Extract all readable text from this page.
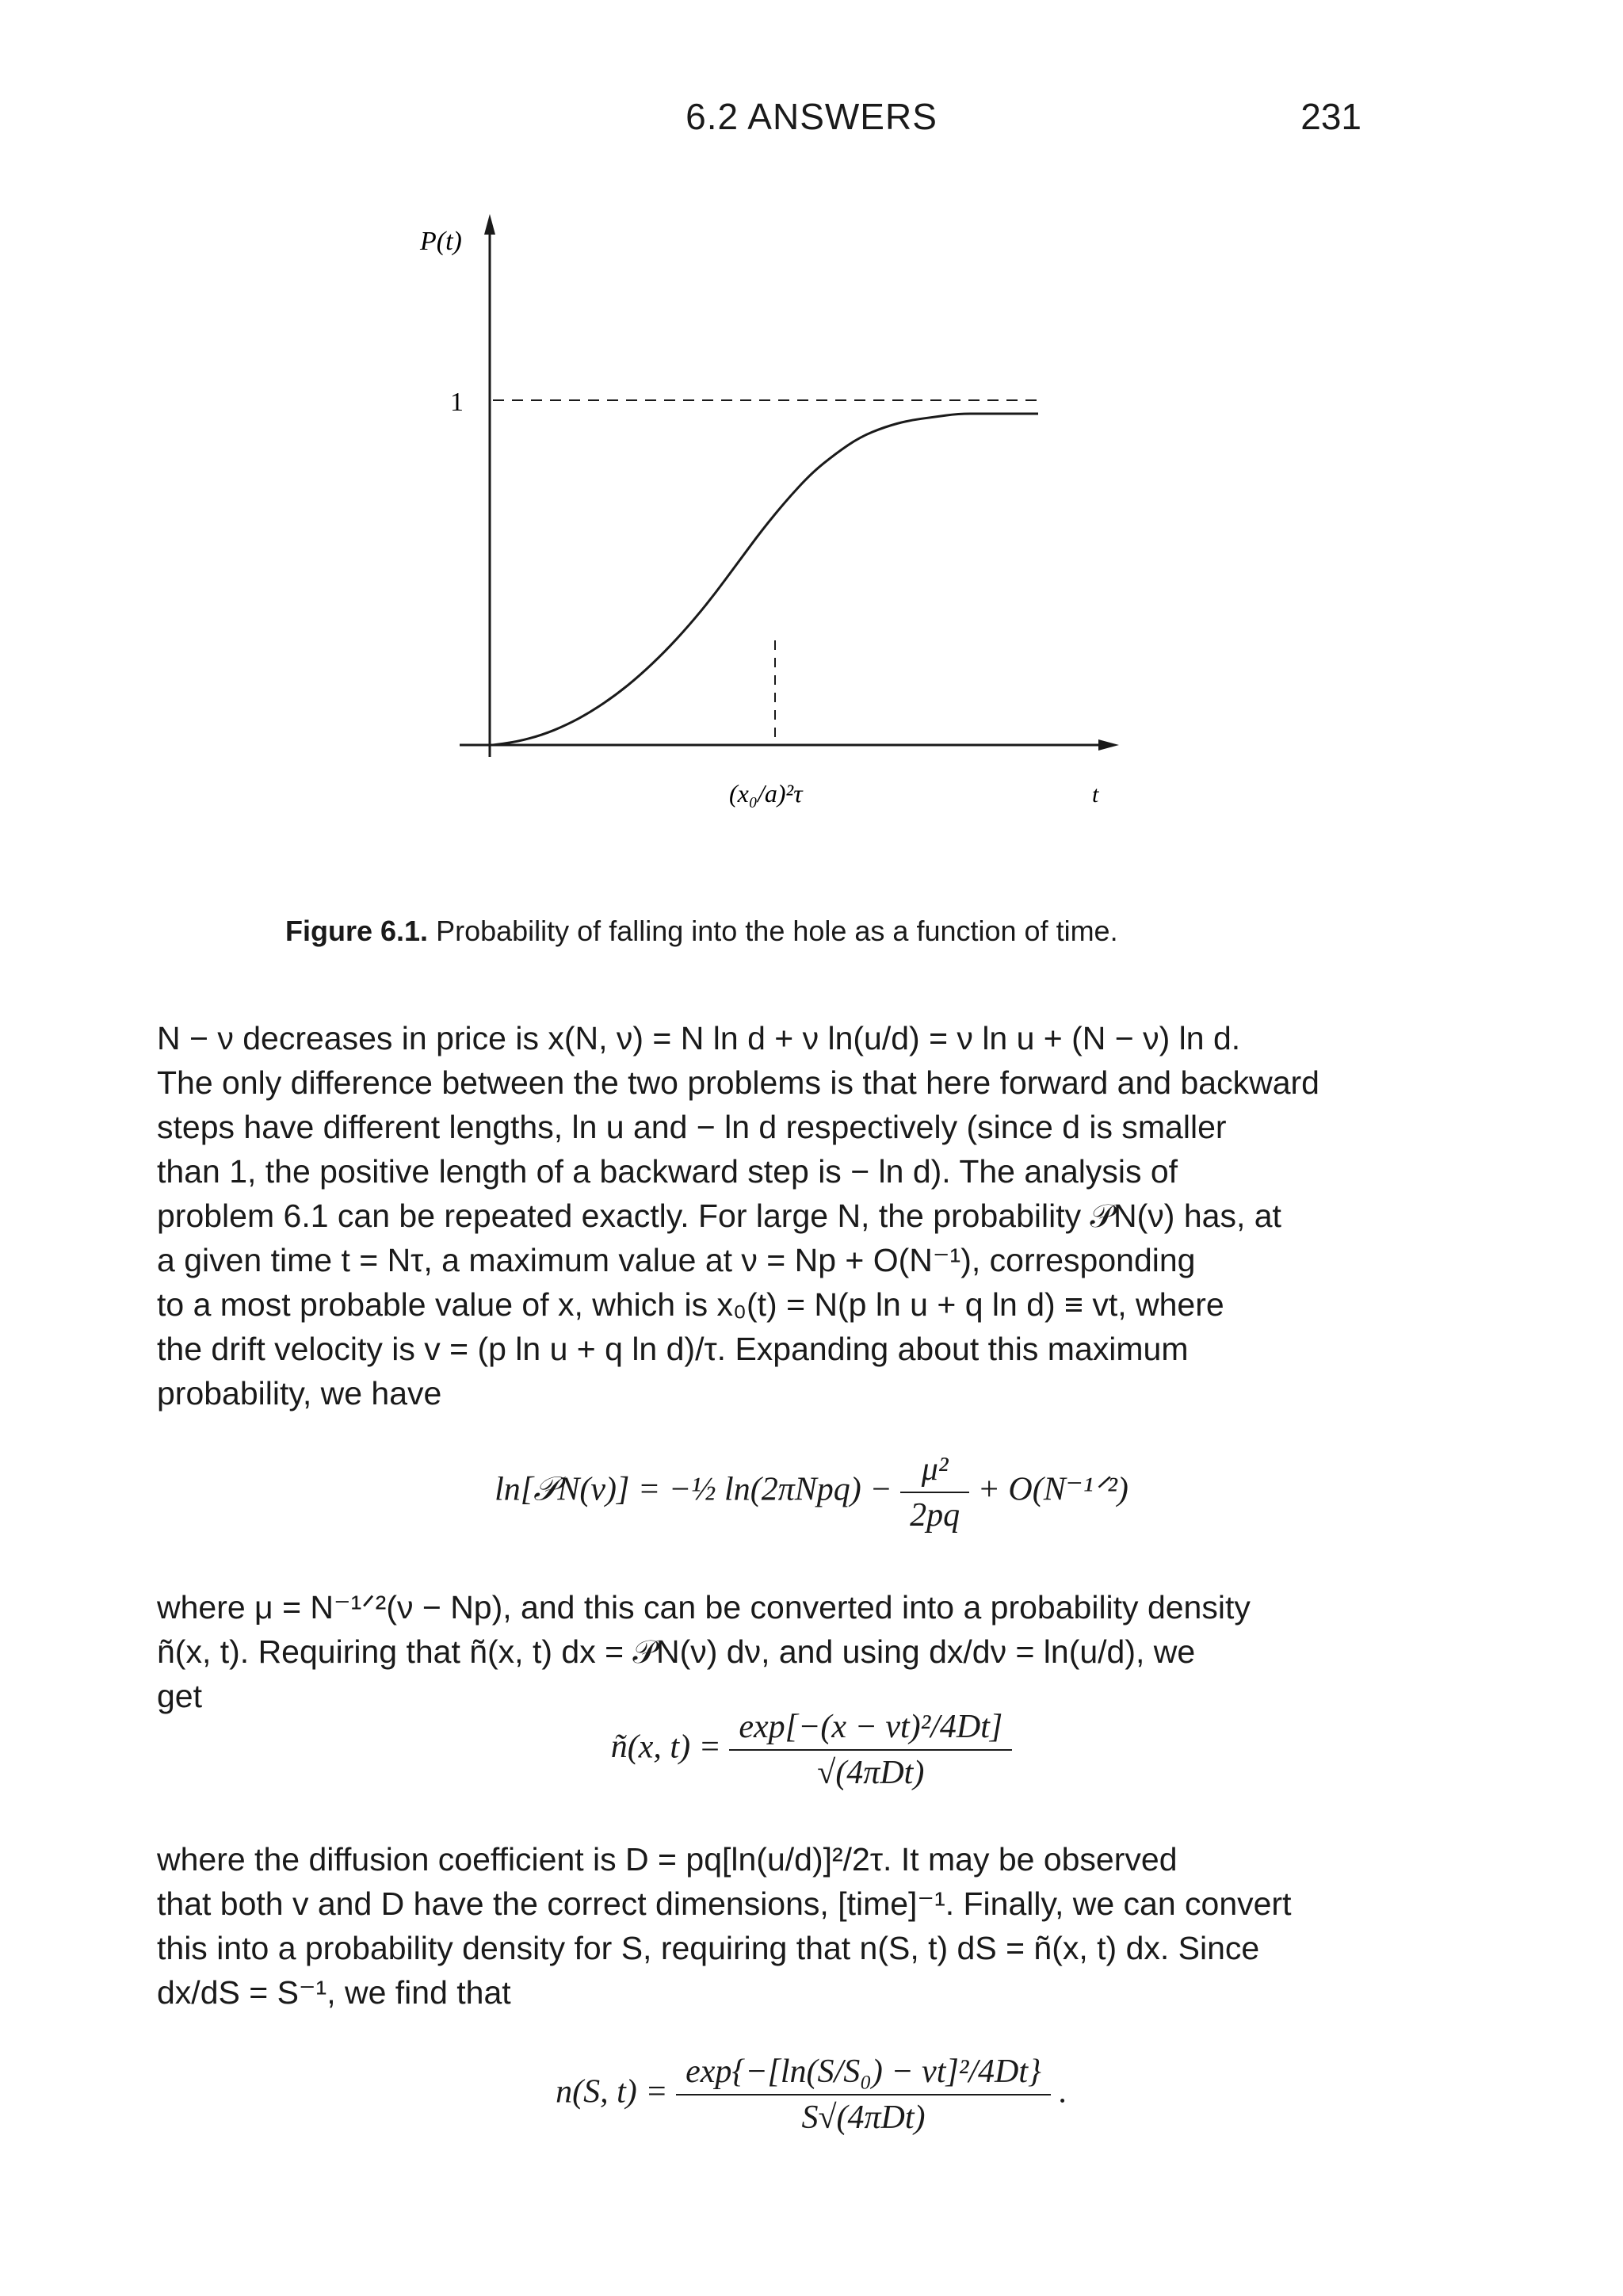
6.2 ANSWERS	231
P(t)
1
(x₀/a)²τ	t
Figure 6.1. Probability of falling into the hole as a function of time.

N − ν decreases in price is x(N, ν) = N ln d + ν ln(u/d) = ν ln u + (N − ν) ln d.

The only difference between the two problems is that here forward and backward

steps have different lengths, ln u and − ln d respectively (since d is smaller

than 1, the positive length of a backward step is − ln d). The analysis of

problem 6.1 can be repeated exactly. For large N, the probability 𝒫N(ν) has, at

a given time t = Nτ, a maximum value at ν = Np + O(N⁻¹), corresponding

to a most probable value of x, which is x₀(t) = N(p ln u + q ln d) ≡ vt, where

the drift velocity is v = (p ln u + q ln d)/τ. Expanding about this maximum

probability, we have

ln[𝒫N(ν)] = −½ $\ln(2\pi Npq) - \frac{\text{μ²}}{2pq}$ + O(N⁻¹ᐟ²)

where μ = N⁻¹ᐟ²(ν − Np), and this can be converted into a probability density

ñ(x, t). Requiring that ñ(x, t) dx = 𝒫N(ν) dν, and using dx/dν = ln(u/d), we

get

ñ(x, $t) = \frac{\text{exp[−(x − vt)²/4Dt]}}{\text{√(4πDt)}}$

where the diffusion coefficient is D = pq[ln(u/d)]²/2τ. It may be observed

that both v and D have the correct dimensions, [time]⁻¹. Finally, we can convert

this into a probability density for S, requiring that n(S, t) dS = ñ(x, t) dx. Since

dx/dS = S⁻¹, we find that

n(S, $t) = \frac{\text{exp\{−[ln(S/S₀) − vt]²/4Dt\}}}{\text{S√(4πDt)}}$ .
